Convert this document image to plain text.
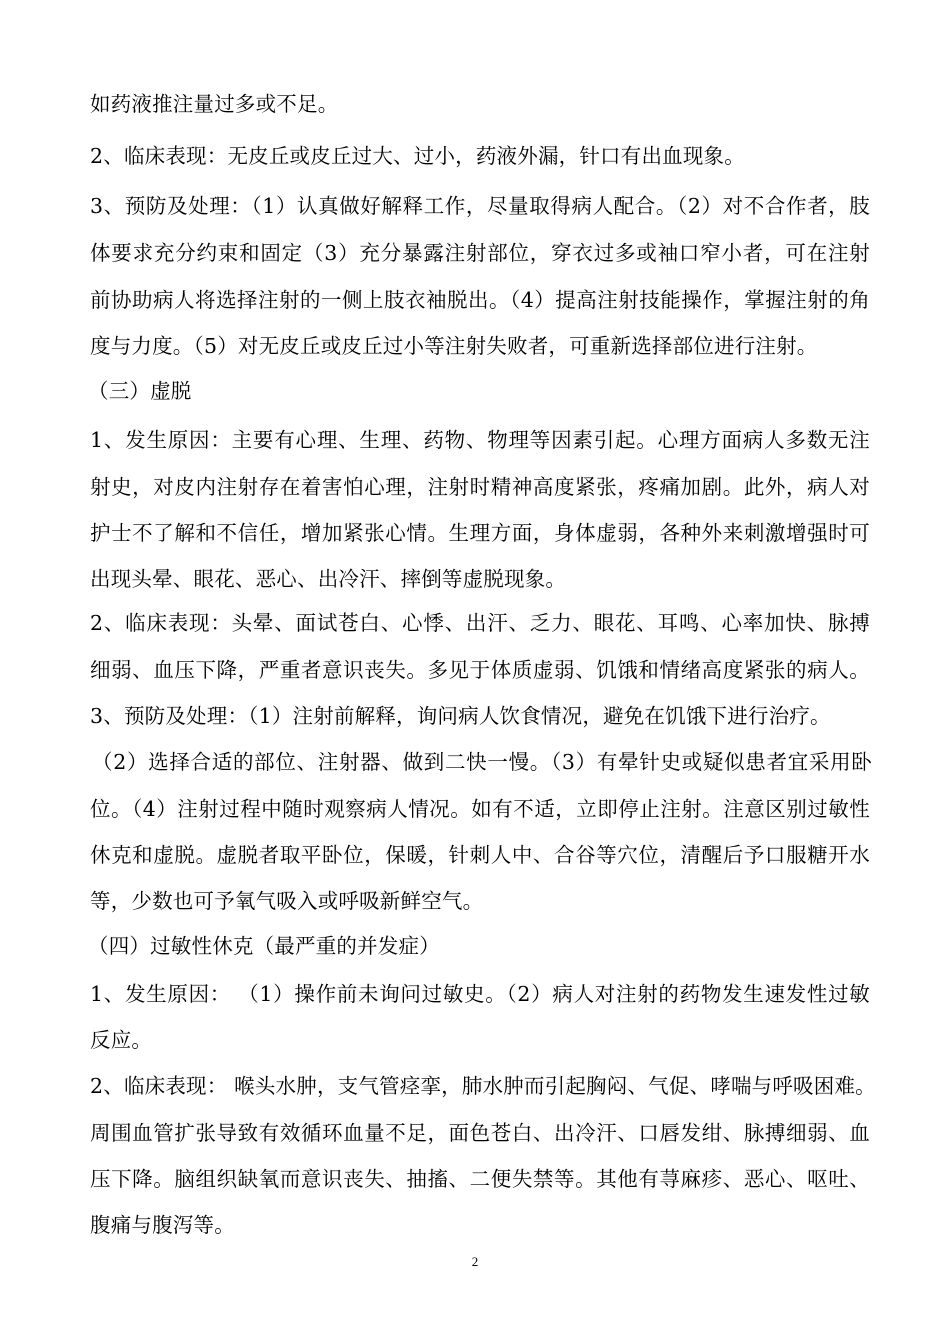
如药液推注量过多或不足。
2、临床表现：无皮丘或皮丘过大、过小，药液外漏，针口有出血现象。
3、预防及处理：（1）认真做好解释工作，尽量取得病人配合。（2）对不合作者，肢
体要求充分约束和固定（3）充分暴露注射部位，穿衣过多或袖口窄小者，可在注射
前协助病人将选择注射的一侧上肢衣袖脱出。（4）提高注射技能操作，掌握注射的角
度与力度。（5）对无皮丘或皮丘过小等注射失败者，可重新选择部位进行注射。
（三）虚脱
1、发生原因：主要有心理、生理、药物、物理等因素引起。心理方面病人多数无注
射史，对皮内注射存在着害怕心理，注射时精神高度紧张，疼痛加剧。此外，病人对
护士不了解和不信任，增加紧张心情。生理方面，身体虚弱，各种外来刺激增强时可
出现头晕、眼花、恶心、出冷汗、摔倒等虚脱现象。
2、临床表现：头晕、面试苍白、心悸、出汗、乏力、眼花、耳鸣、心率加快、脉搏
细弱、血压下降，严重者意识丧失。多见于体质虚弱、饥饿和情绪高度紧张的病人。
3、预防及处理：（1）注射前解释，询问病人饮食情况，避免在饥饿下进行治疗。
（2）选择合适的部位、注射器、做到二快一慢。（3）有晕针史或疑似患者宜采用卧
位。（4）注射过程中随时观察病人情况。如有不适，立即停止注射。注意区别过敏性
休克和虚脱。虚脱者取平卧位，保暖，针刺人中、合谷等穴位，清醒后予口服糖开水
等，少数也可予氧气吸入或呼吸新鲜空气。
（四）过敏性休克（最严重的并发症）
1、发生原因： （1）操作前未询问过敏史。（2）病人对注射的药物发生速发性过敏
反应。
2、临床表现： 喉头水肿，支气管痉挛，肺水肿而引起胸闷、气促、哮喘与呼吸困难。
周围血管扩张导致有效循环血量不足，面色苍白、出冷汗、口唇发绀、脉搏细弱、血
压下降。脑组织缺氧而意识丧失、抽搐、二便失禁等。其他有荨麻疹、恶心、呕吐、
腹痛与腹泻等。
2
